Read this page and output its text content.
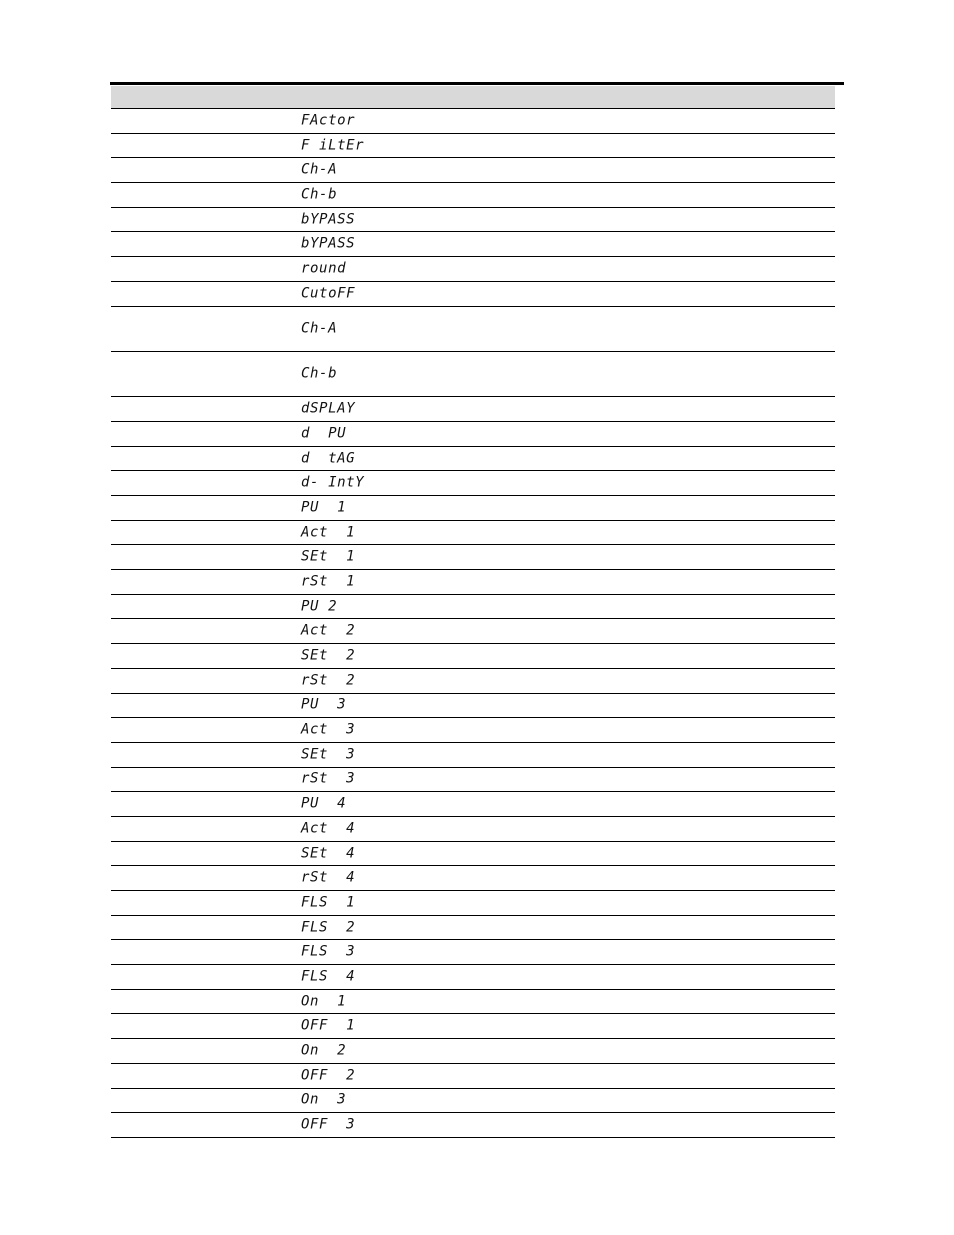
FActor
F iLtEr
Ch-A
Ch-b
bYPASS
bYPASS
round
CutoFF
Ch-A
Ch-b
dSPLAY
d  PU
d  tAG
d- IntY
PU  1
Act  1
SEt  1
rSt  1
PU 2
Act  2
SEt  2
rSt  2
PU  3
Act  3
SEt  3
rSt  3
PU  4
Act  4
SEt  4
rSt  4
FLS  1
FLS  2
FLS  3
FLS  4
On  1
OFF  1
On  2
OFF  2
On  3
OFF  3
